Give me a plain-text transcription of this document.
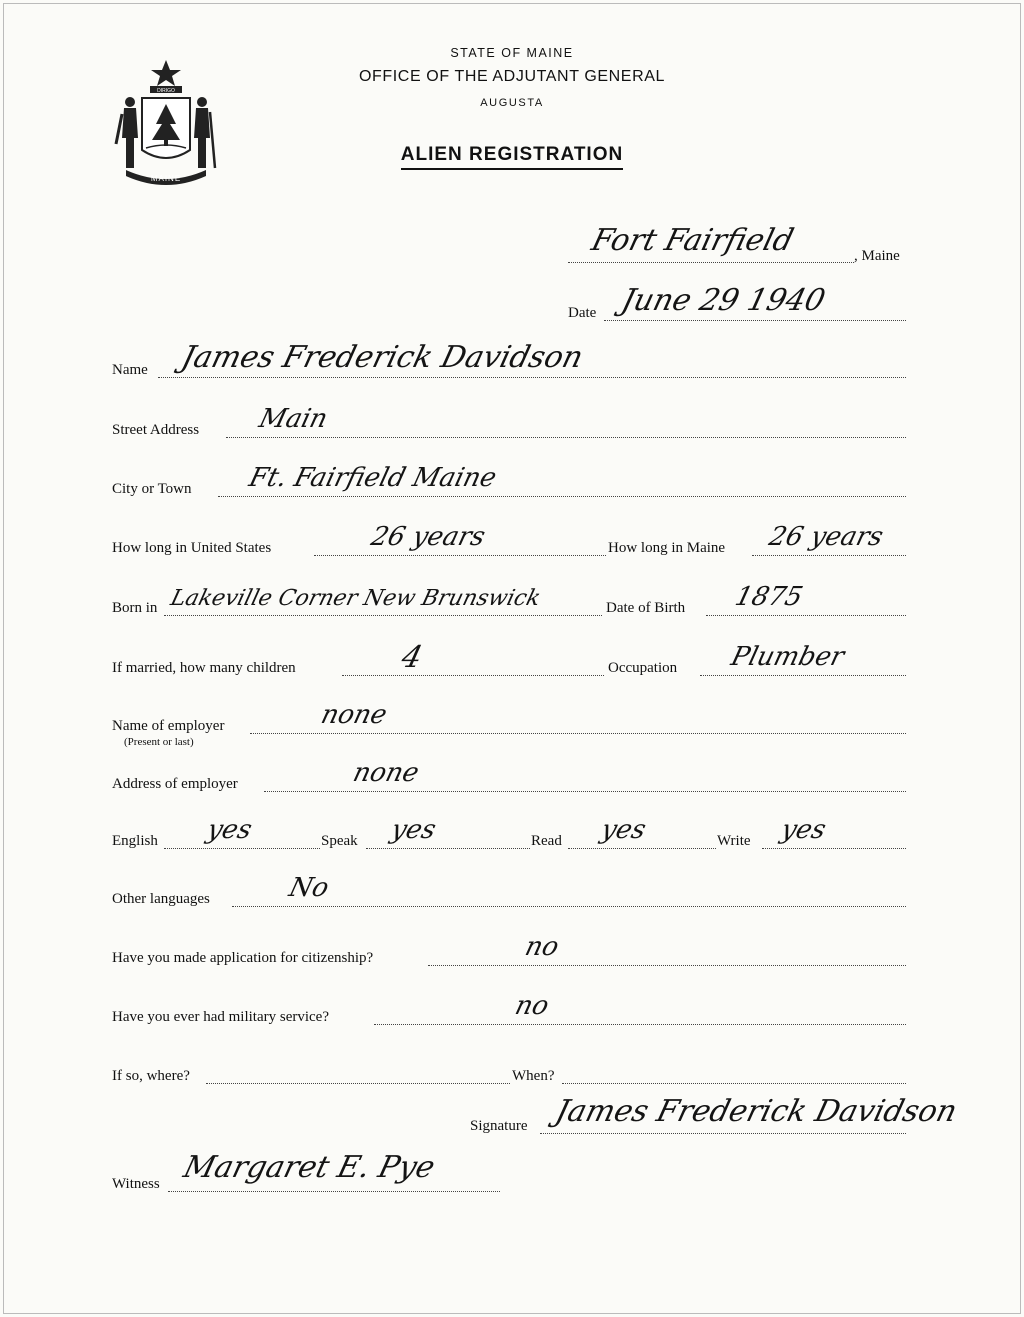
DIRIGO
MAINE
STATE OF MAINE
OFFICE OF THE ADJUTANT GENERAL
AUGUSTA
ALIEN REGISTRATION
Fort Fairfield	, Maine
Date June 29 1940
Name James Frederick Davidson
Street Address Main
City or Town Ft. Fairfield Maine
How long in United States	26 years	How long in Maine 26 years
Born in Lakeville Corner New Brunswick	Date of Birth 1875
If married, how many children	4	Occupation Plumber
Name of employer
(Present or last)
none
Address of employer	none
English yes	Speak yes	Read yes	Write yes
Other languages	No
Have you made application for citizenship?	no
Have you ever had military service?	no
If so, where?	When?
Signature James Frederick Davidson
Witness Margaret E. Pye
